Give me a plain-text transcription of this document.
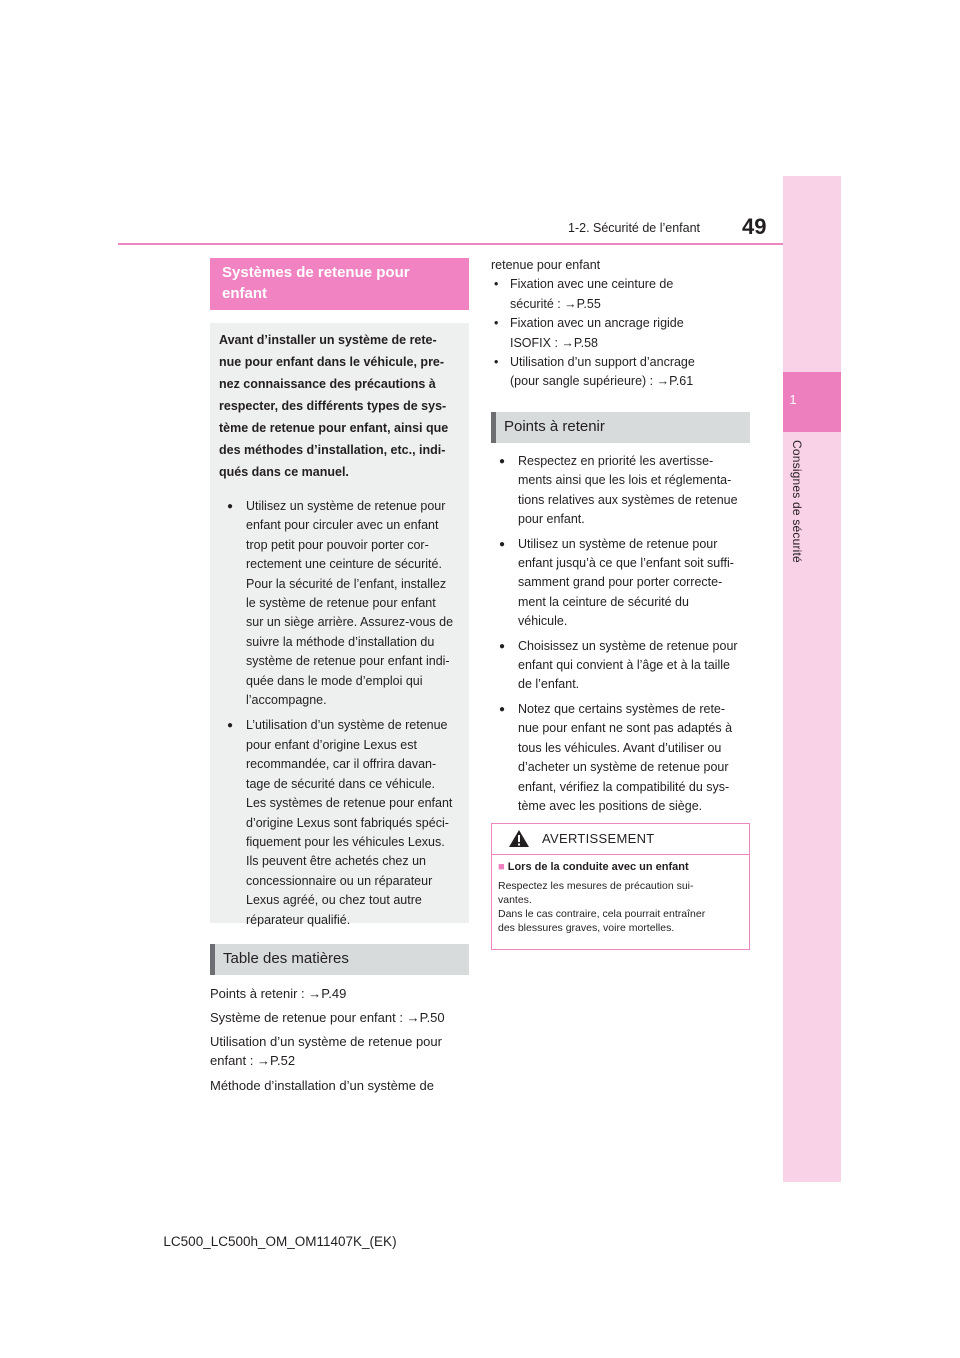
49
1-2. Sécurité de l’enfant
1
Consignes de sécurité
Systèmes de retenue pour enfant

Avant d’installer un système de rete-

nue pour enfant dans le véhicule, pre-

nez connaissance des précautions à

respecter, des différents types de sys-

tème de retenue pour enfant, ainsi que

des méthodes d’installation, etc., indi-

qués dans ce manuel.

● Utilisez un système de retenue pour
enfant pour circuler avec un enfant
trop petit pour pouvoir porter cor-
rectement une ceinture de sécurité.
Pour la sécurité de l’enfant, installez
le système de retenue pour enfant
sur un siège arrière. Assurez-vous de
suivre la méthode d’installation du
système de retenue pour enfant indi-
quée dans le mode d’emploi qui
l’accompagne.
● L’utilisation d’un système de retenue
pour enfant d’origine Lexus est
recommandée, car il offrira davan-
tage de sécurité dans ce véhicule.
Les systèmes de retenue pour enfant
d’origine Lexus sont fabriqués spéci-
fiquement pour les véhicules Lexus.
Ils peuvent être achetés chez un
concessionnaire ou un réparateur
Lexus agréé, ou chez tout autre
réparateur qualifié.
Table des matières
Points à retenir : →P.49
Système de retenue pour enfant : →P.50
Utilisation d’un système de retenue pour
enfant : →P.52
Méthode d’installation d’un système de
retenue pour enfant
• Fixation avec une ceinture de
sécurité : →P.55
• Fixation avec un ancrage rigide
ISOFIX : →P.58
• Utilisation d’un support d’ancrage
(pour sangle supérieure) : →P.61
Points à retenir
● Respectez en priorité les avertisse-
ments ainsi que les lois et réglementa-
tions relatives aux systèmes de retenue
pour enfant.
● Utilisez un système de retenue pour
enfant jusqu’à ce que l’enfant soit suffi-
samment grand pour porter correcte-
ment la ceinture de sécurité du
véhicule.
● Choisissez un système de retenue pour
enfant qui convient à l’âge et à la taille
de l’enfant.
● Notez que certains systèmes de rete-
nue pour enfant ne sont pas adaptés à
tous les véhicules. Avant d’utiliser ou
d’acheter un système de retenue pour
enfant, vérifiez la compatibilité du sys-
tème avec les positions de siège.
AVERTISSEMENT
■ Lors de la conduite avec un enfant
Respectez les mesures de précaution sui-
vantes.
Dans le cas contraire, cela pourrait entraîner
des blessures graves, voire mortelles.
LC500_LC500h_OM_OM11407K_(EK)
